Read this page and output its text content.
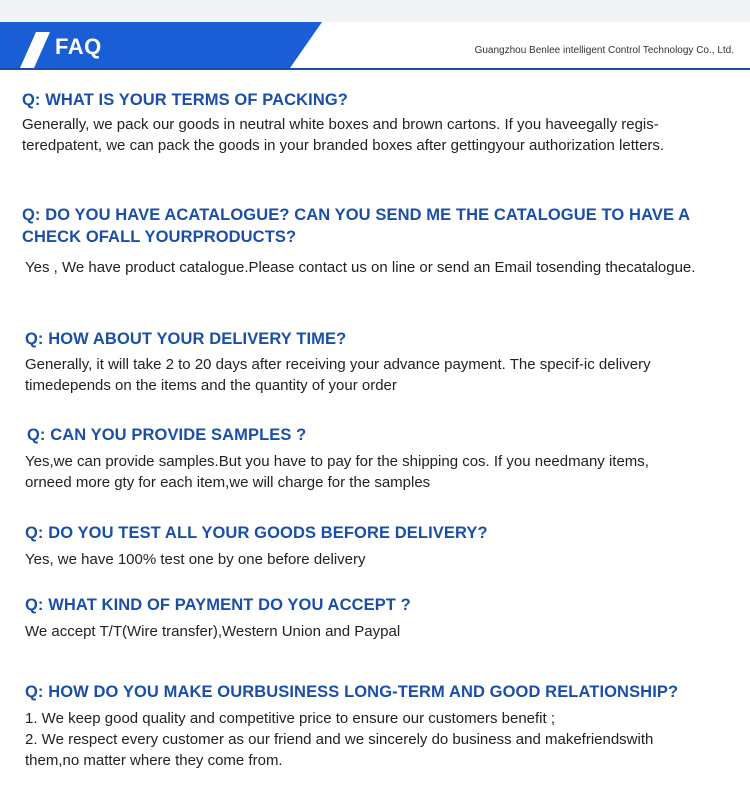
FAQ	Guangzhou Benlee intelligent Control Technology Co., Ltd.
Q: WHAT IS YOUR TERMS OF PACKING?
Generally, we pack our goods in neutral white boxes and brown cartons. If you haveegally regis-
teredpatent, we can pack the goods in your branded boxes after gettingyour authorization letters.
Q: DO YOU HAVE ACATALOGUE? CAN YOU SEND ME THE CATALOGUE TO HAVE A
CHECK OFALL YOURPRODUCTS?
Yes , We have product catalogue.Please contact us on line or send an Email tosending thecatalogue.
Q: HOW ABOUT YOUR DELIVERY TIME?
Generally, it will take 2 to 20 days after receiving your advance payment. The specif-ic delivery
timedepends on the items and the quantity of your order
Q: CAN YOU PROVIDE SAMPLES ?
Yes,we can provide samples.But you have to pay for the shipping cos. If you needmany items,
orneed more gty for each item,we will charge for the samples
Q: DO YOU TEST ALL YOUR GOODS BEFORE DELIVERY?
Yes, we have 100% test one by one before delivery
Q: WHAT KIND OF PAYMENT DO YOU ACCEPT ?
We accept T/T(Wire transfer),Western Union and Paypal
Q: HOW DO YOU MAKE OURBUSINESS LONG-TERM AND GOOD RELATIONSHIP?
1. We keep good quality and competitive price to ensure our customers benefit ;
2. We respect every customer as our friend and we sincerely do business and makefriendswith
them,no matter where they come from.
